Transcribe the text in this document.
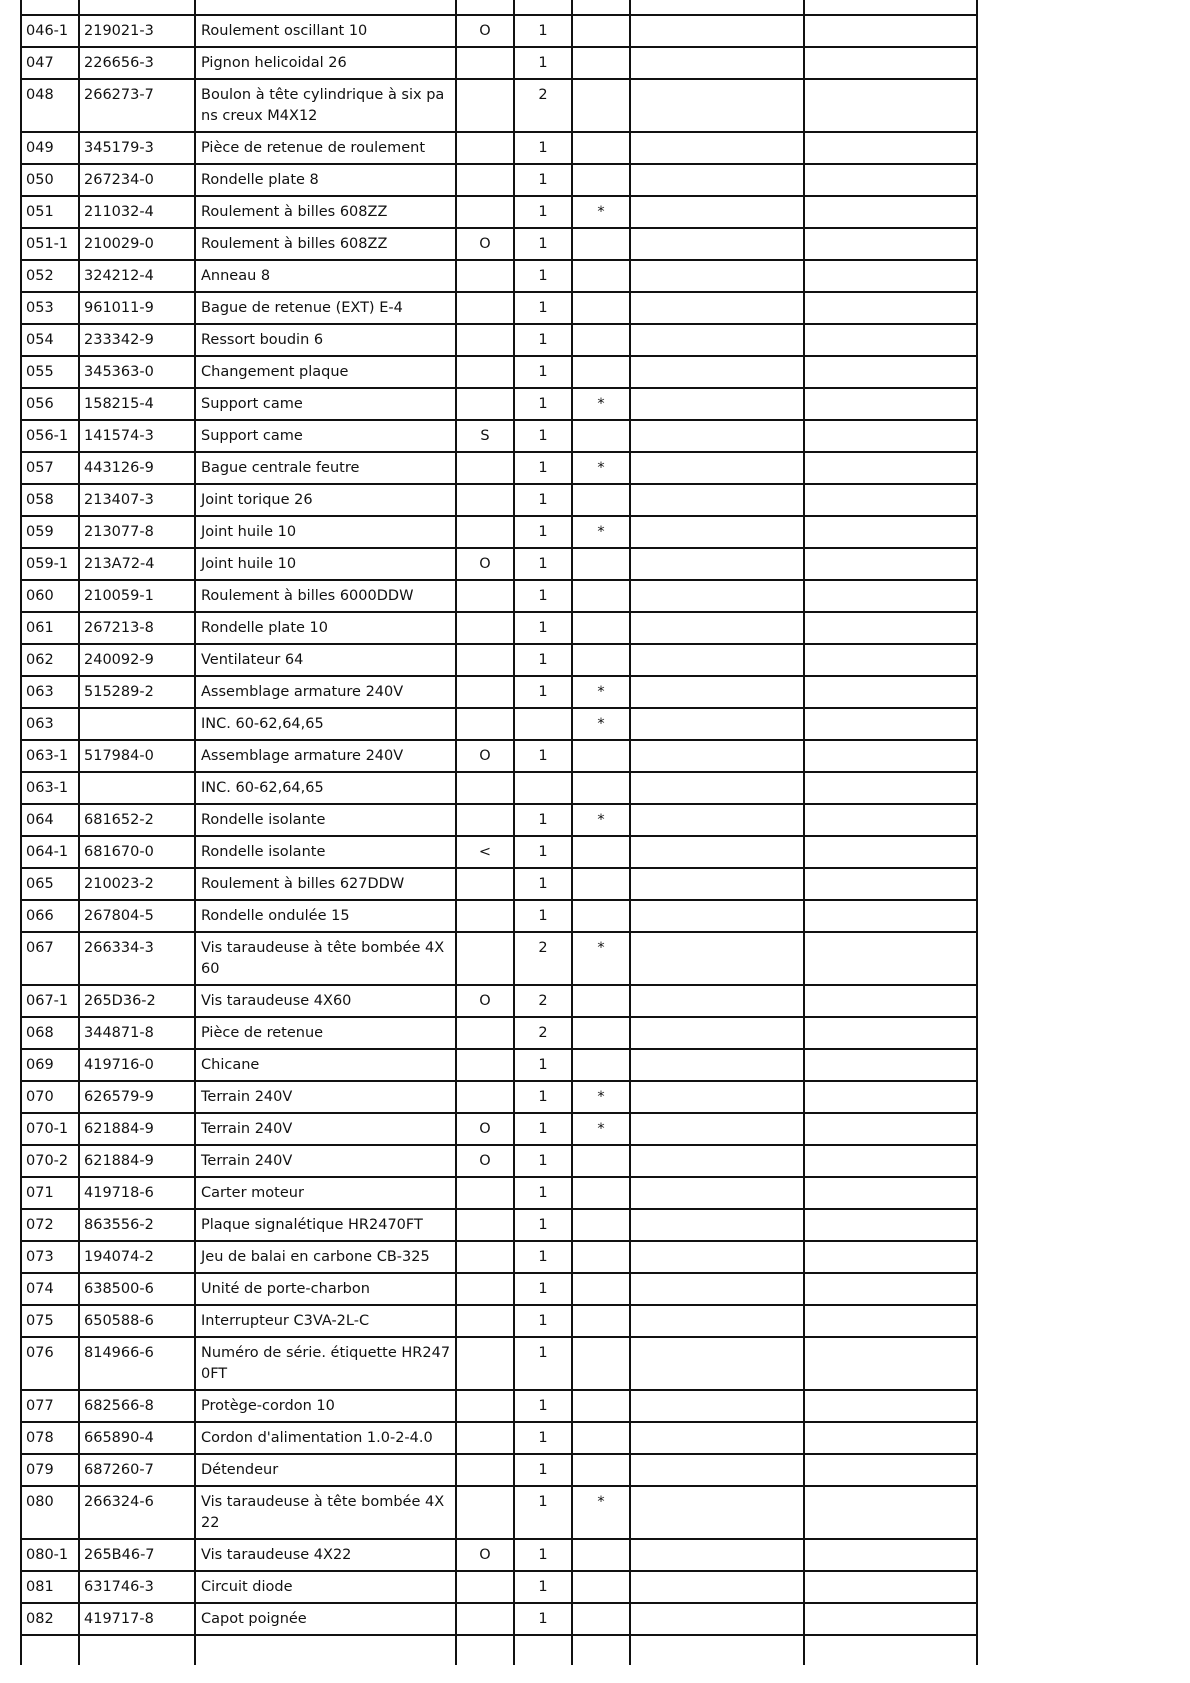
046-1	219021-3	Roulement oscillant 10	O	1			
047	226656-3	Pignon helicoidal 26		1			
048	266273-7	Boulon à tête cylindrique à six pans creux M4X12		2			
049	345179-3	Pièce de retenue de roulement		1			
050	267234-0	Rondelle plate 8		1			
051	211032-4	Roulement à billes 608ZZ		1	*		
051-1	210029-0	Roulement à billes 608ZZ	O	1			
052	324212-4	Anneau 8		1			
053	961011-9	Bague de retenue (EXT) E-4		1			
054	233342-9	Ressort boudin 6		1			
055	345363-0	Changement plaque		1			
056	158215-4	Support came		1	*		
056-1	141574-3	Support came	S	1			
057	443126-9	Bague centrale feutre		1	*		
058	213407-3	Joint torique 26		1			
059	213077-8	Joint huile 10		1	*		
059-1	213A72-4	Joint huile 10	O	1			
060	210059-1	Roulement à billes 6000DDW		1			
061	267213-8	Rondelle plate 10		1			
062	240092-9	Ventilateur 64		1			
063	515289-2	Assemblage armature 240V		1	*		
063		INC. 60-62,64,65			*		
063-1	517984-0	Assemblage armature 240V	O	1			
063-1		INC. 60-62,64,65					
064	681652-2	Rondelle isolante		1	*		
064-1	681670-0	Rondelle isolante	<	1			
065	210023-2	Roulement à billes 627DDW		1			
066	267804-5	Rondelle ondulée 15		1			
067	266334-3	Vis taraudeuse à tête bombée 4X60		2	*		
067-1	265D36-2	Vis taraudeuse 4X60	O	2			
068	344871-8	Pièce de retenue		2			
069	419716-0	Chicane		1			
070	626579-9	Terrain 240V		1	*		
070-1	621884-9	Terrain 240V	O	1	*		
070-2	621884-9	Terrain 240V	O	1			
071	419718-6	Carter moteur		1			
072	863556-2	Plaque signalétique HR2470FT		1			
073	194074-2	Jeu de balai en carbone CB-325		1			
074	638500-6	Unité de porte-charbon		1			
075	650588-6	Interrupteur C3VA-2L-C		1			
076	814966-6	Numéro de série. étiquette HR2470FT		1			
077	682566-8	Protège-cordon 10		1			
078	665890-4	Cordon d'alimentation 1.0-2-4.0		1			
079	687260-7	Détendeur		1			
080	266324-6	Vis taraudeuse à tête bombée 4X22		1	*		
080-1	265B46-7	Vis taraudeuse 4X22	O	1			
081	631746-3	Circuit diode		1			
082	419717-8	Capot poignée		1			
